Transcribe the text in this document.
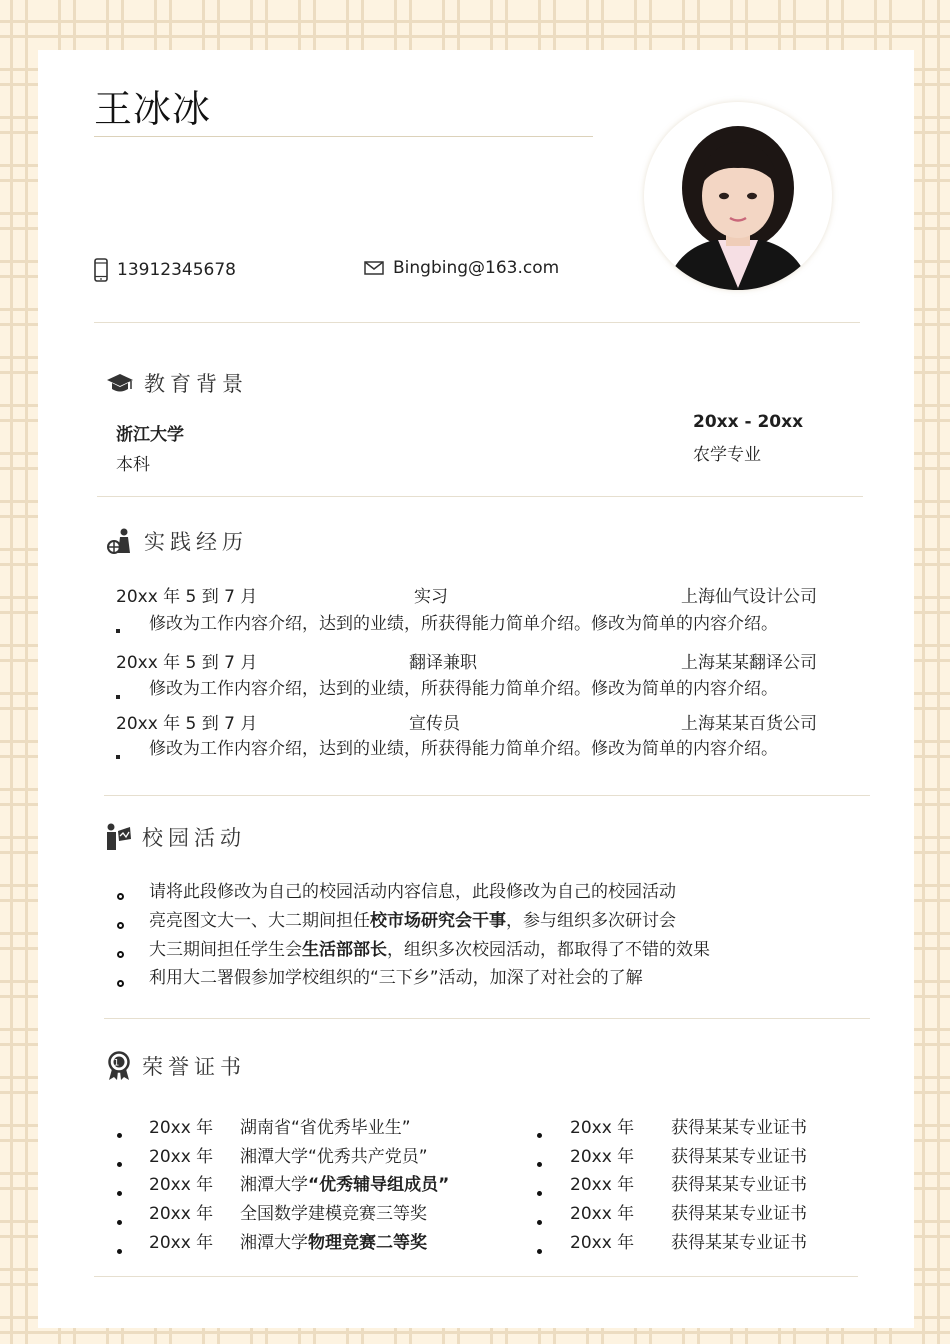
王冰冰
13912345678	Bingbing@163.com
教育背景
浙江大学
本科
20xx - 20xx
农学专业
实践经历
20xx 年 5 到 7 月	实习	上海仙气设计公司
修改为工作内容介绍，达到的业绩，所获得能力简单介绍。修改为简单的内容介绍。
20xx 年 5 到 7 月	翻译兼职	上海某某翻译公司
修改为工作内容介绍，达到的业绩，所获得能力简单介绍。修改为简单的内容介绍。
20xx 年 5 到 7 月	宣传员	上海某某百货公司
修改为工作内容介绍，达到的业绩，所获得能力简单介绍。修改为简单的内容介绍。
校园活动
请将此段修改为自己的校园活动内容信息，此段修改为自己的校园活动
亮亮图文大一、大二期间担任校市场研究会干事，参与组织多次研讨会
大三期间担任学生会生活部部长，组织多次校园活动，都取得了不错的效果
利用大二署假参加学校组织的“三下乡”活动，加深了对社会的了解
1 荣誉证书
20xx 年 湖南省“省优秀毕业生”
20xx 年 湘潭大学“优秀共产党员”
20xx 年 湘潭大学“优秀辅导组成员”
20xx 年 全国数学建模竞赛三等奖
20xx 年 湘潭大学物理竞赛二等奖
20xx 年 获得某某专业证书
20xx 年 获得某某专业证书
20xx 年 获得某某专业证书
20xx 年 获得某某专业证书
20xx 年 获得某某专业证书
